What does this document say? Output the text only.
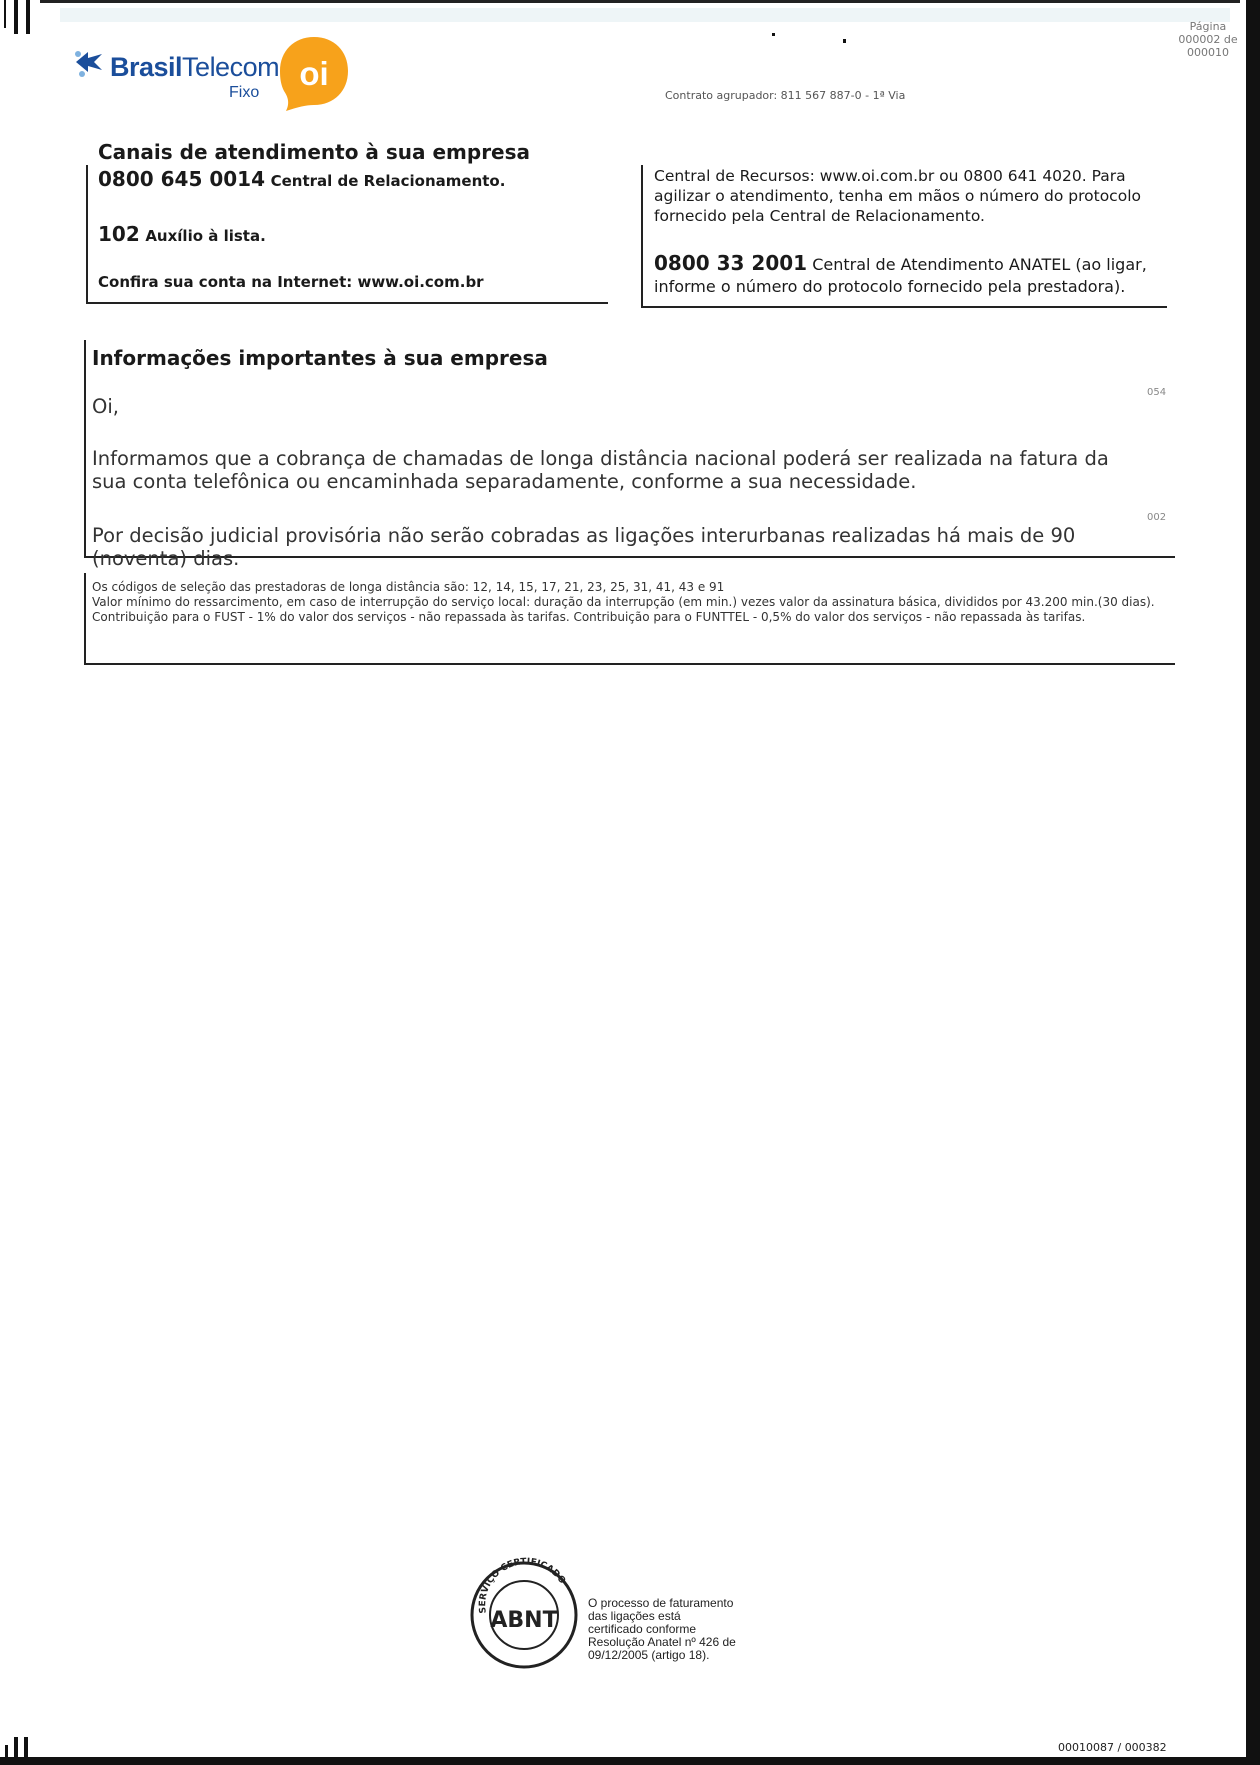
BrasilTelecom
Fixo
oi
Página
000002 de
000010
Contrato agrupador: 811 567 887-0 - 1ª Via
Canais de atendimento à sua empresa
0800 645 0014 Central de Relacionamento.
102 Auxílio à lista.
Confira sua conta na Internet: www.oi.com.br
Central de Recursos: www.oi.com.br ou 0800 641 4020. Para agilizar o atendimento, tenha em mãos o número do protocolo fornecido pela Central de Relacionamento.
0800 33 2001 Central de Atendimento ANATEL (ao ligar, informe o número do protocolo fornecido pela prestadora).
Informações importantes à sua empresa
Oi,
054
Informamos que a cobrança de chamadas de longa distância nacional poderá ser realizada na fatura da sua conta telefônica ou encaminhada separadamente, conforme a sua necessidade.
002
Por decisão judicial provisória não serão cobradas as ligações interurbanas realizadas há mais de 90 (noventa) dias.
Os códigos de seleção das prestadoras de longa distância são: 12, 14, 15, 17, 21, 23, 25, 31, 41, 43 e 91
Valor mínimo do ressarcimento, em caso de interrupção do serviço local: duração da interrupção (em min.) vezes valor da assinatura básica, divididos por 43.200 min.(30 dias).
Contribuição para o FUST - 1% do valor dos serviços - não repassada às tarifas. Contribuição para o FUNTTEL - 0,5% do valor dos serviços - não repassada às tarifas.
SERVIÇO CERTIFICADO
ABNT
O processo de faturamento das ligações está certificado conforme Resolução Anatel nº 426 de 09/12/2005 (artigo 18).
00010087 / 000382
